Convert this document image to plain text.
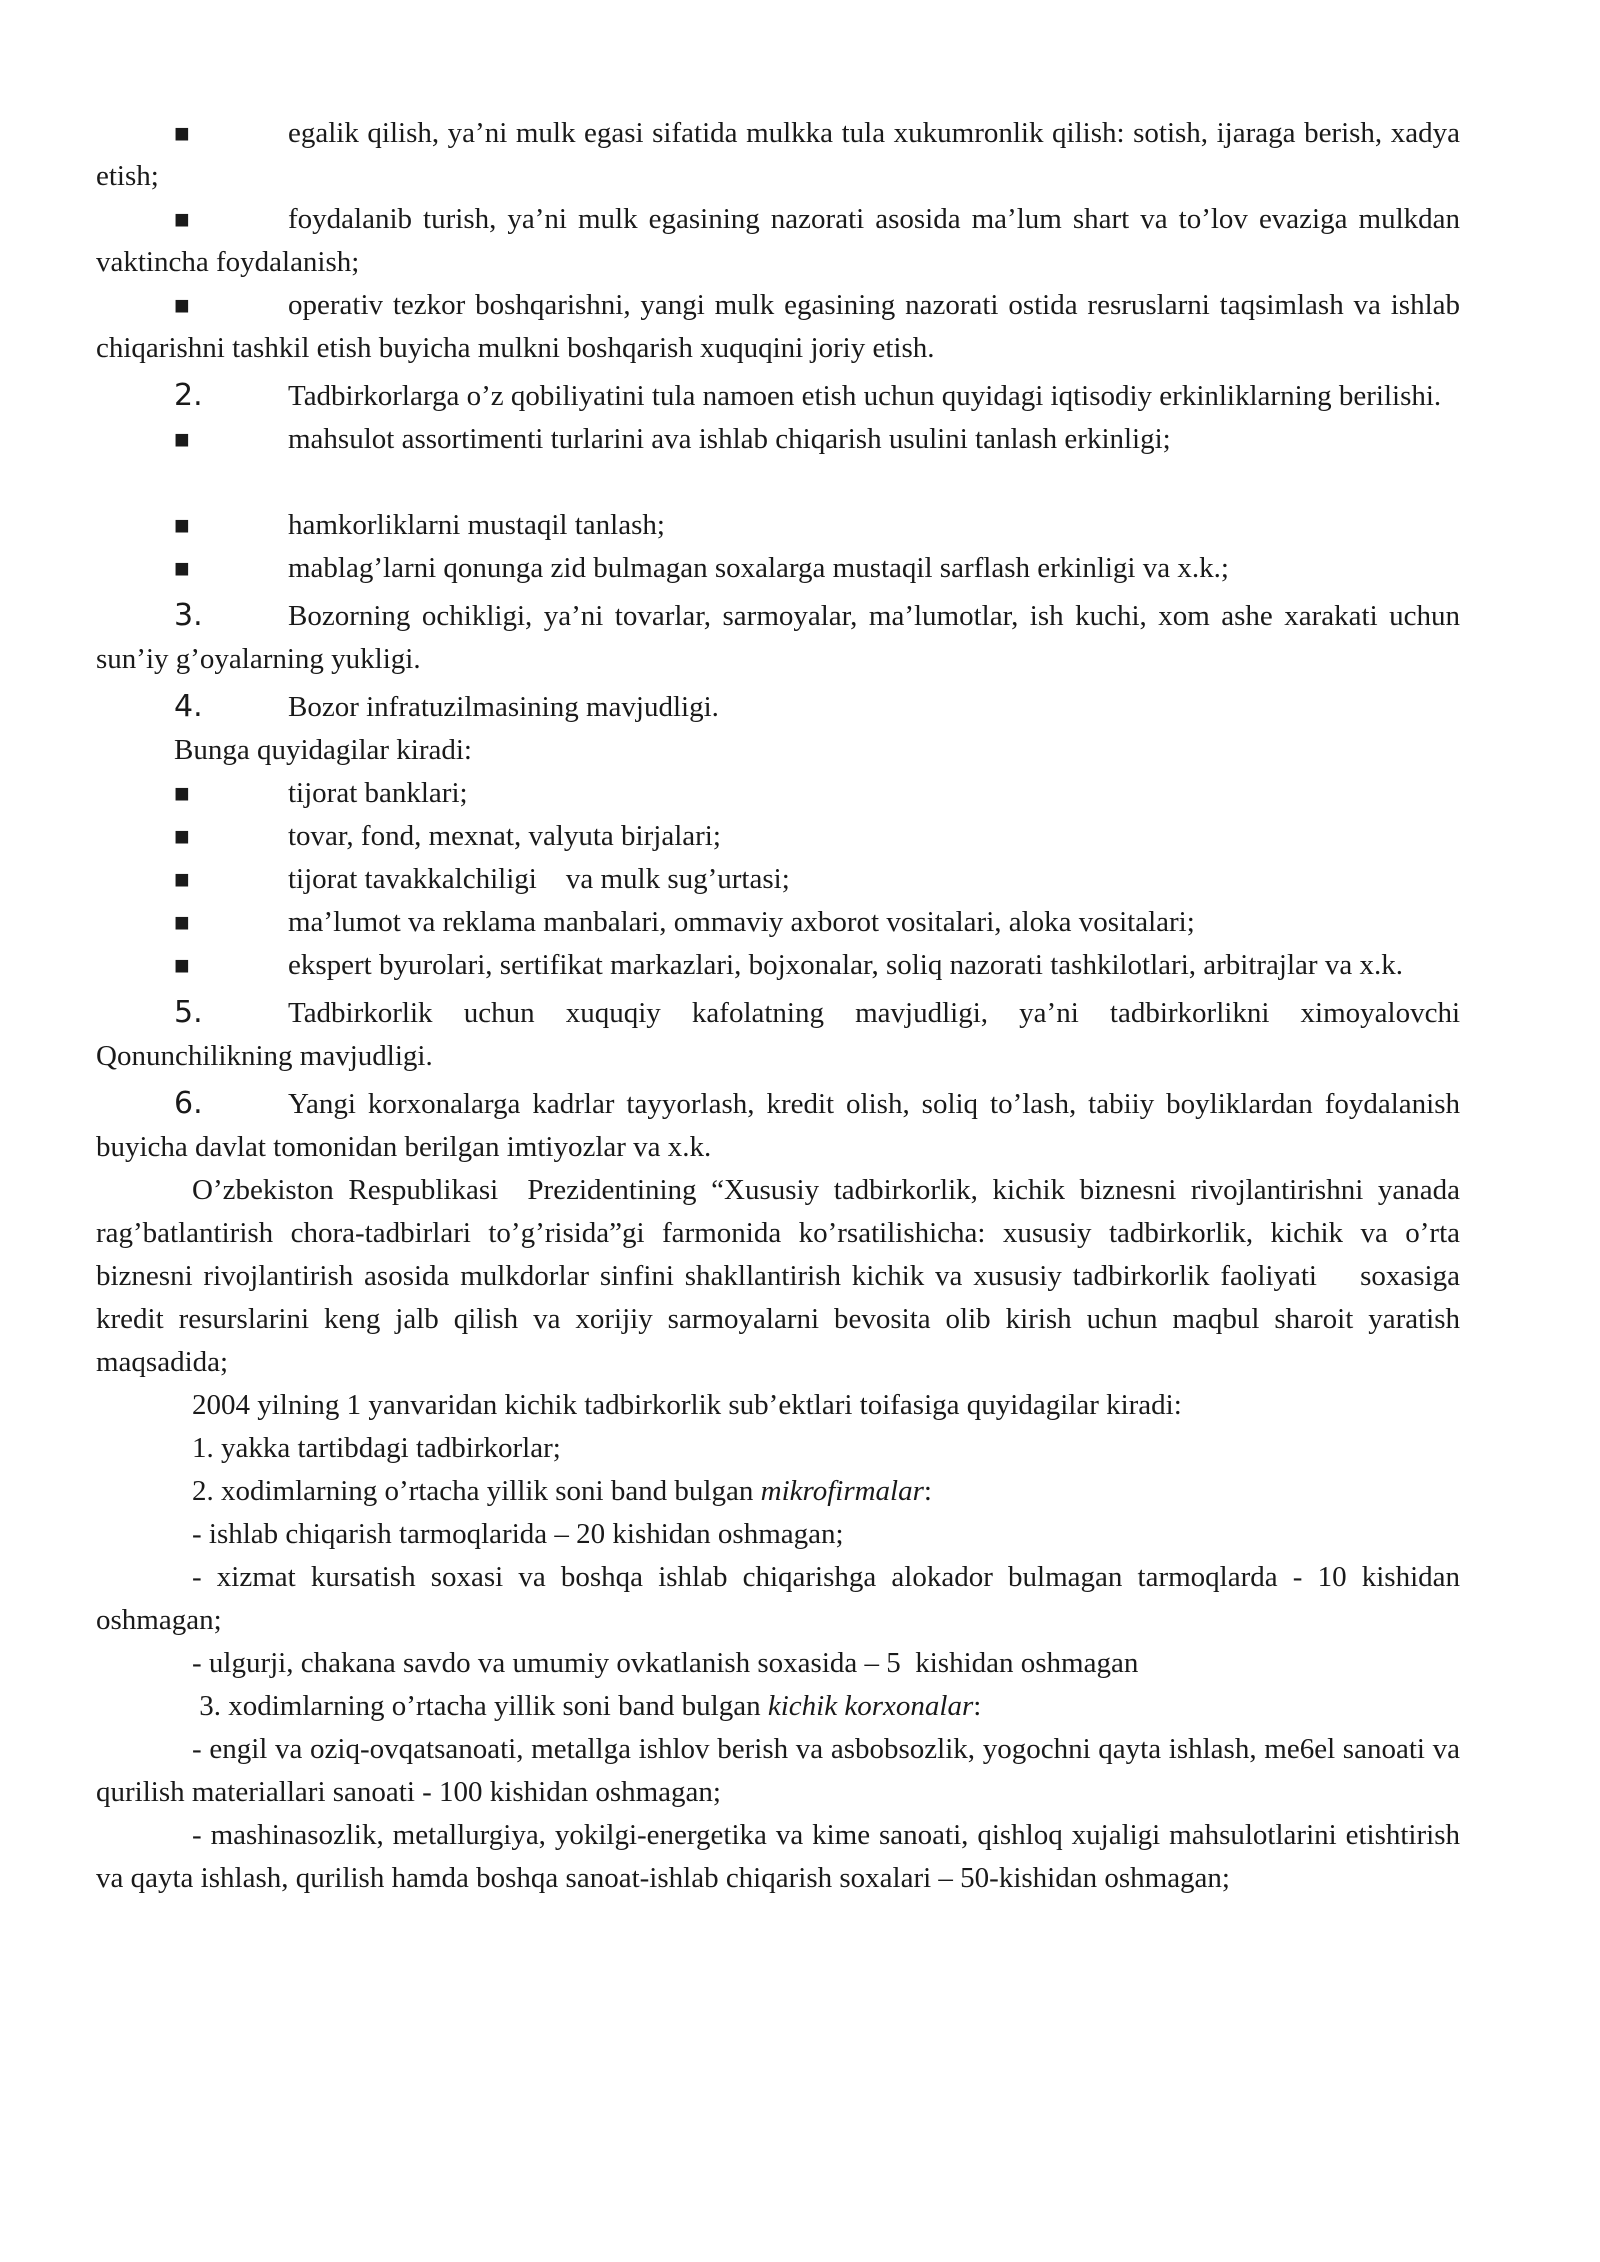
■	egalik qilish, ya’ni mulk egasi sifatida mulkka tula xukumronlik qilish: sotish, ijaraga berish, xadya etish;

■	foydalanib turish, ya’ni mulk egasining nazorati asosida ma’lum shart va to’lov evaziga mulkdan vaktincha foydalanish;

■	operativ tezkor boshqarishni, yangi mulk egasining nazorati ostida resruslarni taqsimlash va ishlab chiqarishni tashkil etish buyicha mulkni boshqarish xuquqini joriy etish.

2.	Tadbirkorlarga o’z qobiliyatini tula namoen etish uchun quyidagi iqtisodiy erkinliklarning berilishi.

■	mahsulot assortimenti turlarini ava ishlab chiqarish usulini tanlash erkinligi;

■	hamkorliklarni mustaqil tanlash;

■	mablag’larni qonunga zid bulmagan soxalarga mustaqil sarflash erkinligi va x.k.;

3.	Bozorning ochikligi, ya’ni tovarlar, sarmoyalar, ma’lumotlar, ish kuchi, xom ashe xarakati uchun sun’iy g’oyalarning yukligi.

4.	Bozor infratuzilmasining mavjudligi.

Bunga quyidagilar kiradi:

■	tijorat banklari;

■	tovar, fond, mexnat, valyuta birjalari;

■	tijorat tavakkalchiligi    va mulk sug’urtasi;

■	ma’lumot va reklama manbalari, ommaviy axborot vositalari, aloka vositalari;

■	ekspert byurolari, sertifikat markazlari, bojxonalar, soliq nazorati tashkilotlari, arbitrajlar va x.k.

5.	Tadbirkorlik uchun xuquqiy kafolatning mavjudligi, ya’ni tadbirkorlikni ximoyalovchi Qonunchilikning mavjudligi.

6.	Yangi korxonalarga kadrlar tayyorlash, kredit olish, soliq to’lash, tabiiy boyliklardan foydalanish buyicha davlat tomonidan berilgan imtiyozlar va x.k.

O’zbekiston Respublikasi  Prezidentining “Xususiy tadbirkorlik, kichik biznesni rivojlantirishni yanada rag’batlantirish chora-tadbirlari to’g’risida”gi farmonida ko’rsatilishicha: xususiy tadbirkorlik, kichik va o’rta biznesni rivojlantirish asosida mulkdorlar sinfini shakllantirish kichik va xususiy tadbirkorlik faoliyati    soxasiga kredit resurslarini keng jalb qilish va xorijiy sarmoyalarni bevosita olib kirish uchun maqbul sharoit yaratish maqsadida;

2004 yilning 1 yanvaridan kichik tadbirkorlik sub’ektlari toifasiga quyidagilar kiradi:

1. yakka tartibdagi tadbirkorlar;

2. xodimlarning o’rtacha yillik soni band bulgan mikrofirmalar:

- ishlab chiqarish tarmoqlarida – 20 kishidan oshmagan;

- xizmat kursatish soxasi va boshqa ishlab chiqarishga alokador bulmagan tarmoqlarda - 10 kishidan oshmagan;

- ulgurji, chakana savdo va umumiy ovkatlanish soxasida – 5  kishidan oshmagan

3. xodimlarning o’rtacha yillik soni band bulgan kichik korxonalar:

- engil va oziq-ovqatsanoati, metallga ishlov berish va asbobsozlik, yogochni qayta ishlash, me6el sanoati va qurilish materiallari sanoati - 100 kishidan oshmagan;

- mashinasozlik, metallurgiya, yokilgi-energetika va kime sanoati, qishloq xujaligi mahsulotlarini etishtirish va qayta ishlash, qurilish hamda boshqa sanoat-ishlab chiqarish soxalari – 50-kishidan oshmagan;
